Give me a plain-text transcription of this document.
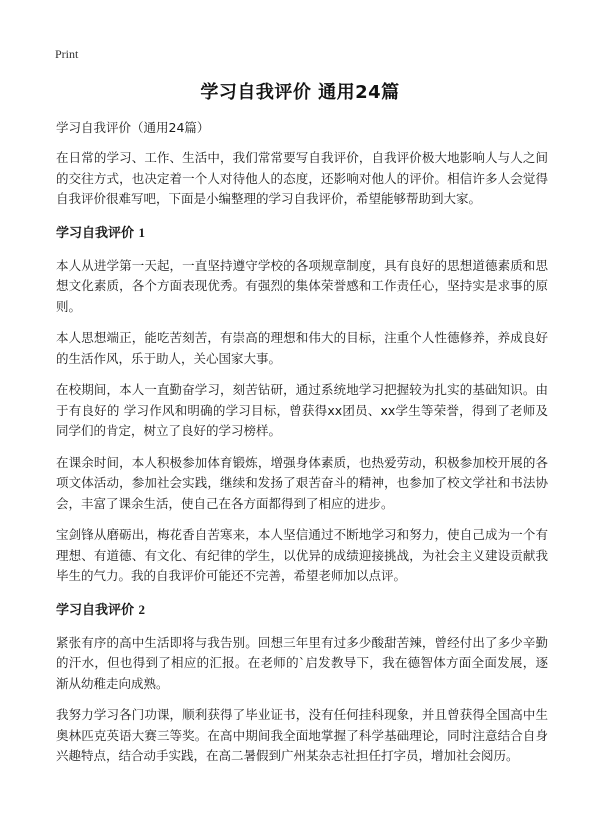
Print
学习自我评价 通用24篇
学习自我评价（通用24篇）

在日常的学习、工作、生活中，我们常常要写自我评价，自我评价极大地影响人与人之间的交往方式，也决定着一个人对待他人的态度，还影响对他人的评价。相信许多人会觉得自我评价很难写吧，下面是小编整理的学习自我评价，希望能够帮助到大家。

学习自我评价 1

本人从进学第一天起，一直坚持遵守学校的各项规章制度，具有良好的思想道德素质和思想文化素质，各个方面表现优秀。有强烈的集体荣誉感和工作责任心，坚持实是求事的原则。

本人思想端正，能吃苦刻苦，有崇高的理想和伟大的目标，注重个人性德修养，养成良好的生活作风，乐于助人，关心国家大事。

在校期间，本人一直勤奋学习，刻苦钻研，通过系统地学习把握较为扎实的基础知识。由于有良好的 学习作风和明确的学习目标，曾获得xx团员、xx学生等荣誉，得到了老师及同学们的肯定，树立了良好的学习榜样。

在课余时间，本人积极参加体育锻炼，增强身体素质，也热爱劳动，积极参加校开展的各项文体活动，参加社会实践，继续和发扬了艰苦奋斗的精神，也参加了校文学社和书法协会，丰富了课余生活，使自己在各方面都得到了相应的进步。

宝剑锋从磨砺出，梅花香自苦寒来，本人坚信通过不断地学习和努力，使自己成为一个有理想、有道德、有文化、有纪律的学生，以优异的成绩迎接挑战，为社会主义建设贡献我毕生的气力。我的自我评价可能还不完善，希望老师加以点评。

学习自我评价 2

紧张有序的高中生活即将与我告别。回想三年里有过多少酸甜苦辣，曾经付出了多少辛勤的汗水，但也得到了相应的汇报。在老师的`启发教导下，我在德智体方面全面发展，逐渐从幼稚走向成熟。

我努力学习各门功课，顺利获得了毕业证书，没有任何挂科现象，并且曾获得全国高中生奥林匹克英语大赛三等奖。在高中期间我全面地掌握了科学基础理论，同时注意结合自身兴趣特点，结合动手实践，在高二暑假到广州某杂志社担任打字员，增加社会阅历。
